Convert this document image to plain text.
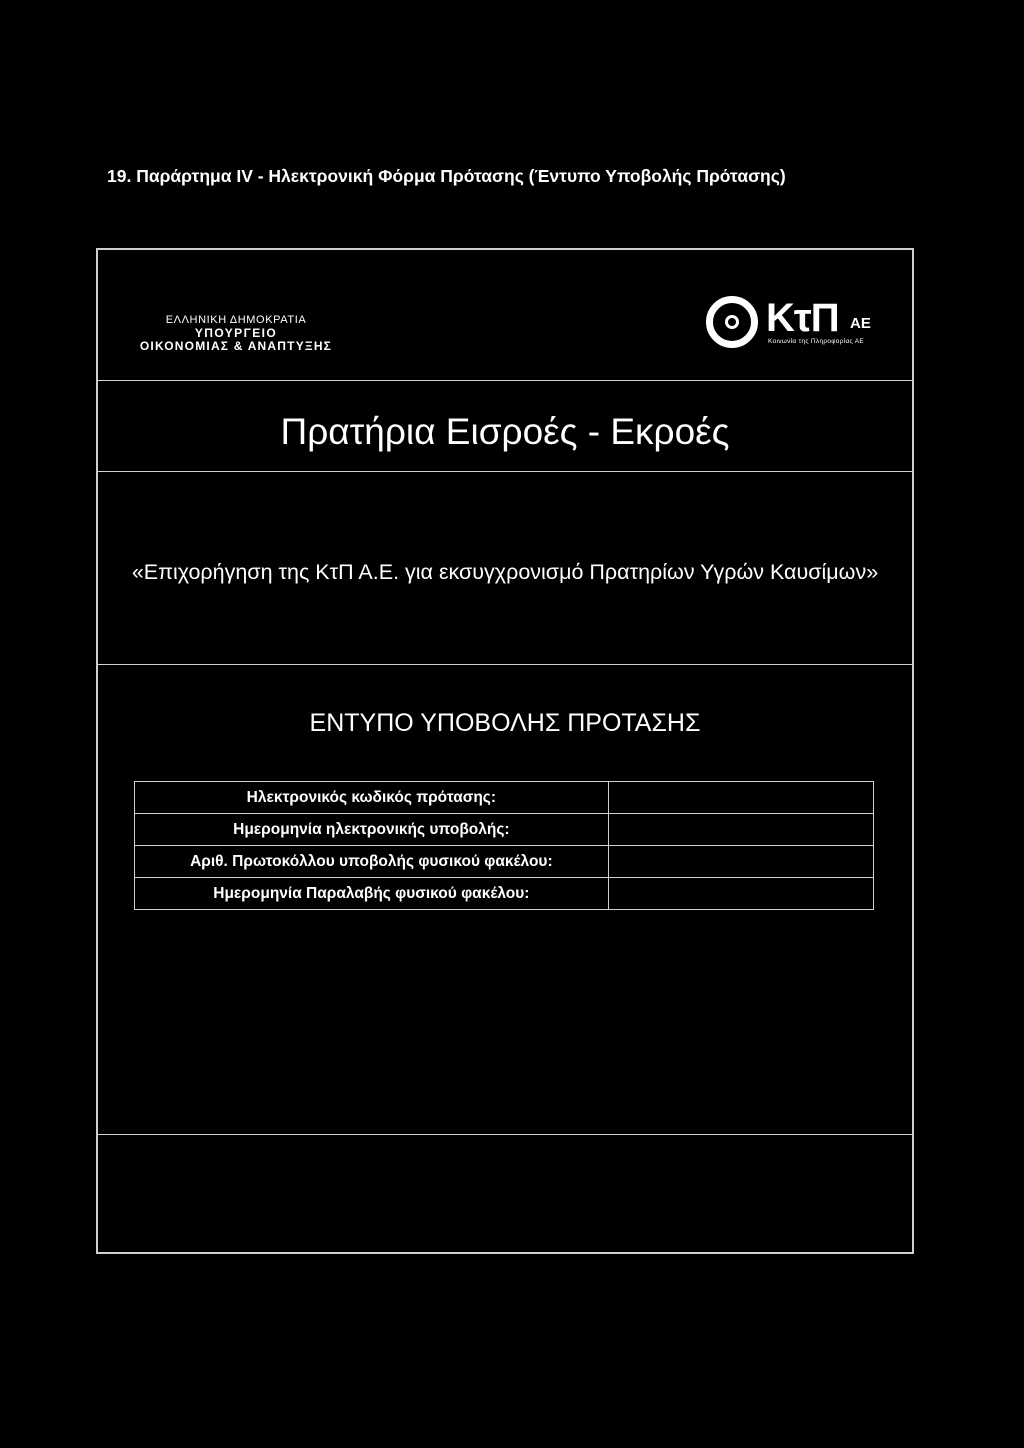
19. Παράρτημα IV - Ηλεκτρονική Φόρμα Πρότασης (Έντυπο Υποβολής Πρότασης)
ΕΛΛΗΝΙΚΗ ΔΗΜΟΚΡΑΤΙΑ
ΥΠΟΥΡΓΕΙΟ
ΟΙΚΟΝΟΜΙΑΣ & ΑΝΑΠΤΥΞΗΣ
ΚτΠ ΑΕ
Κοινωνία της Πληροφορίας ΑΕ
Πρατήρια Εισροές - Εκροές
«Επιχορήγηση της ΚτΠ Α.Ε. για εκσυγχρονισμό Πρατηρίων Υγρών Καυσίμων»
ΕΝΤΥΠΟ ΥΠΟΒΟΛΗΣ ΠΡΟΤΑΣΗΣ
Ηλεκτρονικός κωδικός πρότασης:	
Ημερομηνία ηλεκτρονικής υποβολής:	
Αριθ. Πρωτοκόλλου υποβολής φυσικού φακέλου:	
Ημερομηνία Παραλαβής φυσικού φακέλου:	
